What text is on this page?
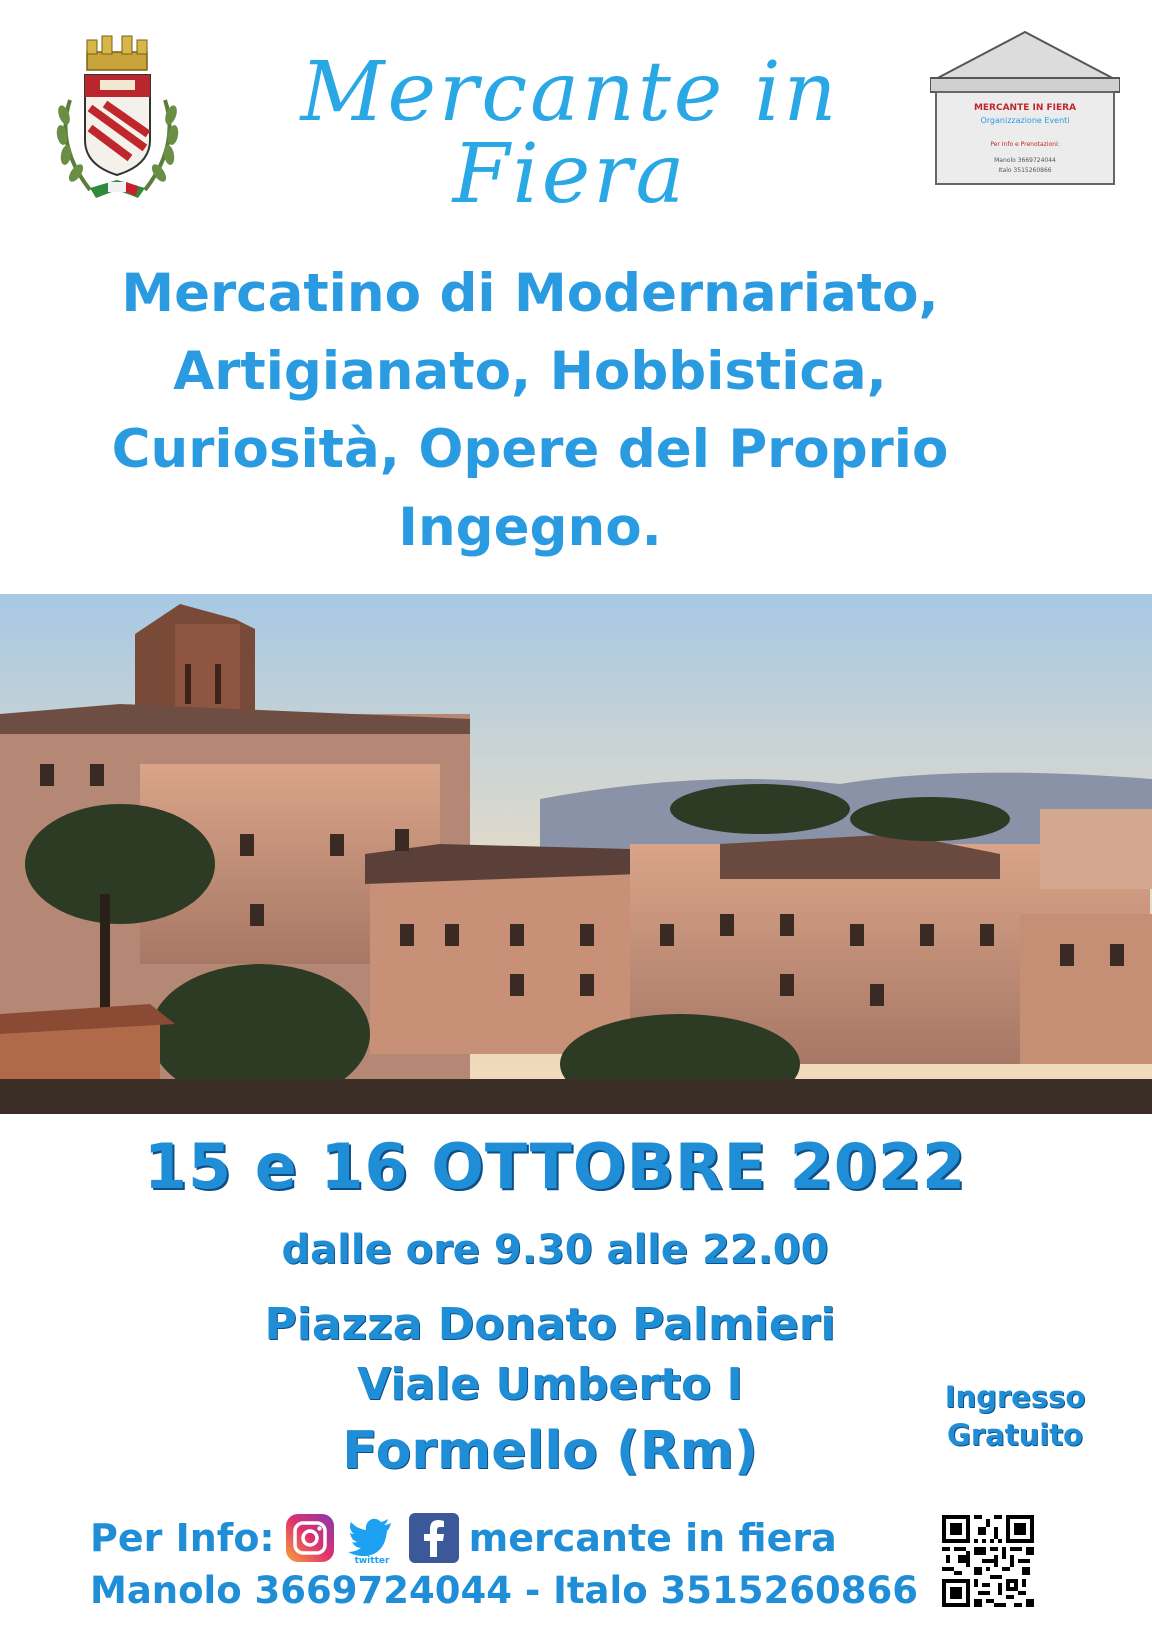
Mercante in Fiera
MERCANTE IN FIERA
Organizzazione Eventi
Per Info e Prenotazioni:
Manolo 3669724044
Italo 3515260866
Mercatino di Modernariato,
Artigianato, Hobbistica,
Curiosità, Opere del Proprio
Ingegno.
15 e 16 OTTOBRE 2022
dalle ore 9.30 alle 22.00
Piazza Donato Palmieri
Viale Umberto I
Formello (Rm)
Ingresso
Gratuito
Per Info:
twitter
mercante in fiera
Manolo 3669724044 - Italo 3515260866
